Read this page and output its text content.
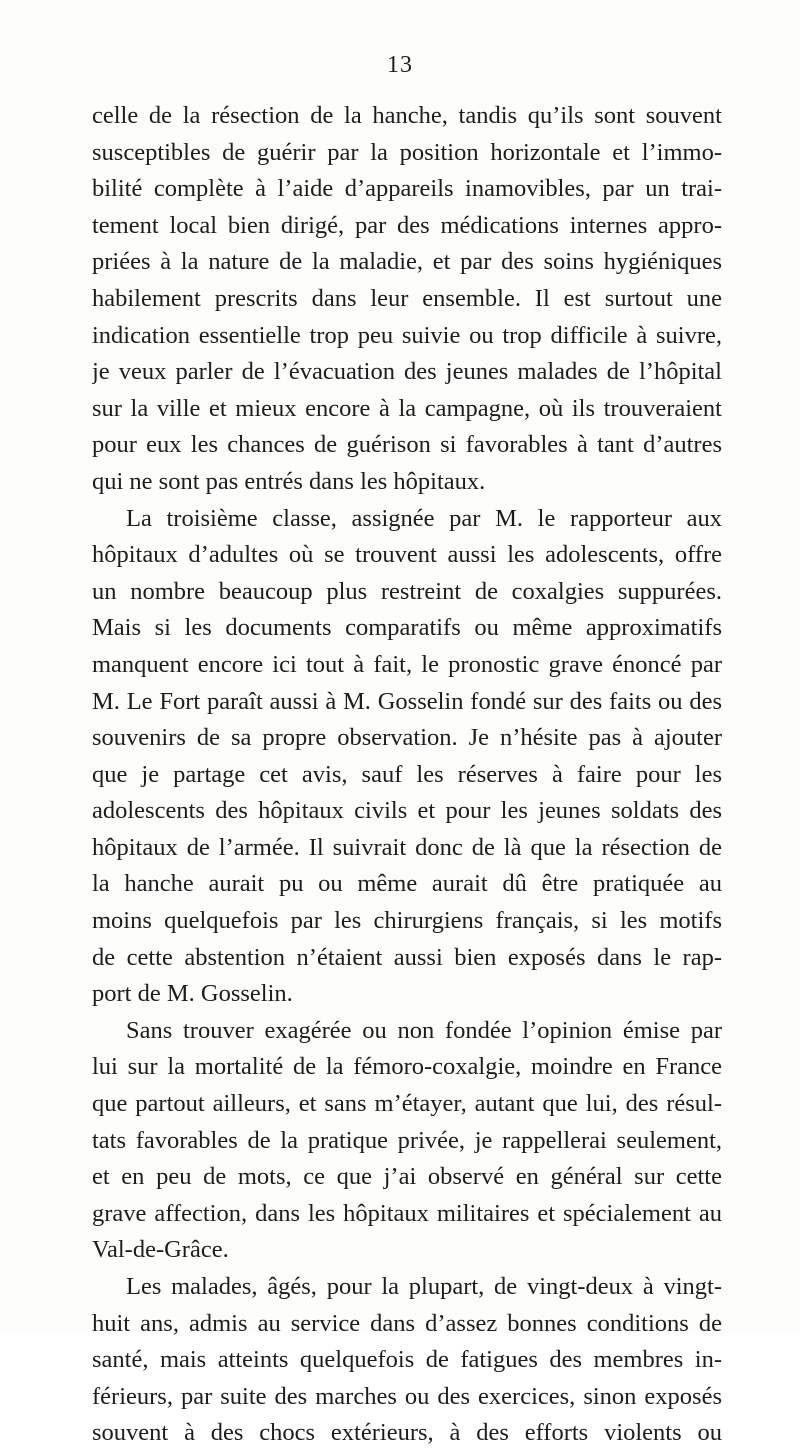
13
celle de la résection de la hanche, tandis qu’ils sont souvent
susceptibles de guérir par la position horizontale et l’immo-
bilité complète à l’aide d’appareils inamovibles, par un trai-
tement local bien dirigé, par des médications internes appro-
priées à la nature de la maladie, et par des soins hygiéniques
habilement prescrits dans leur ensemble. Il est surtout une
indication essentielle trop peu suivie ou trop difficile à suivre,
je veux parler de l’évacuation des jeunes malades de l’hôpital
sur la ville et mieux encore à la campagne, où ils trouveraient
pour eux les chances de guérison si favorables à tant d’autres
qui ne sont pas entrés dans les hôpitaux.
La troisième classe, assignée par M. le rapporteur aux
hôpitaux d’adultes où se trouvent aussi les adolescents, offre
un nombre beaucoup plus restreint de coxalgies suppurées.
Mais si les documents comparatifs ou même approximatifs
manquent encore ici tout à fait, le pronostic grave énoncé par
M. Le Fort paraît aussi à M. Gosselin fondé sur des faits ou des
souvenirs de sa propre observation. Je n’hésite pas à ajouter
que je partage cet avis, sauf les réserves à faire pour les
adolescents des hôpitaux civils et pour les jeunes soldats des
hôpitaux de l’armée. Il suivrait donc de là que la résection de
la hanche aurait pu ou même aurait dû être pratiquée au
moins quelquefois par les chirurgiens français, si les motifs
de cette abstention n’étaient aussi bien exposés dans le rap-
port de M. Gosselin.
Sans trouver exagérée ou non fondée l’opinion émise par
lui sur la mortalité de la fémoro-coxalgie, moindre en France
que partout ailleurs, et sans m’étayer, autant que lui, des résul-
tats favorables de la pratique privée, je rappellerai seulement,
et en peu de mots, ce que j’ai observé en général sur cette
grave affection, dans les hôpitaux militaires et spécialement au
Val-de-Grâce.
Les malades, âgés, pour la plupart, de vingt-deux à vingt-
huit ans, admis au service dans d’assez bonnes conditions de
santé, mais atteints quelquefois de fatigues des membres in-
férieurs, par suite des marches ou des exercices, sinon exposés
souvent à des chocs extérieurs, à des efforts violents ou
